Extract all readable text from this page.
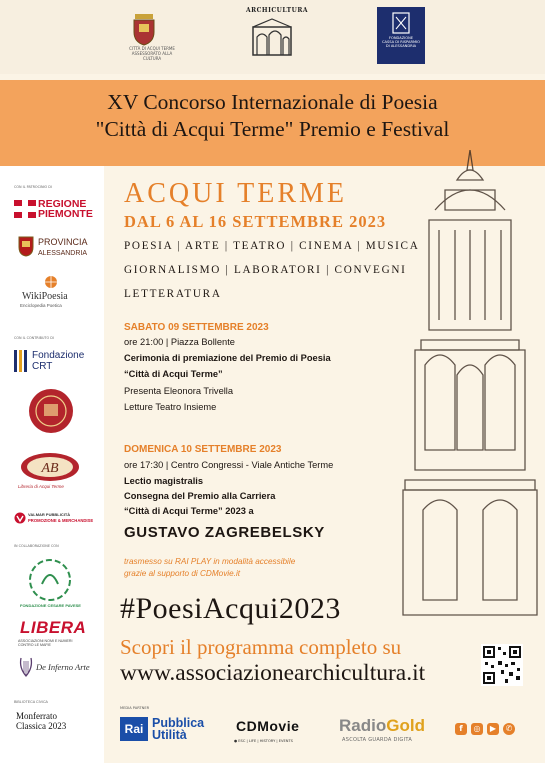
CITTÀ DI ACQUI TERME
ASSESSORATO ALLA CULTURA
ARCHICULTURA
FONDAZIONE
CASSA DI RISPARMIO
DI ALESSANDRIA
XV Concorso Internazionale di Poesia
"Città di Acqui Terme" Premio e Festival
CON IL PATROCINIO DI
REGIONE
PIEMONTE
PROVINCIA
ALESSANDRIA
WikiPoesia
Enciclopedia Poetica
CON IL CONTRIBUTO DI
Fondazione
CRT
AB
Libreria di Acqui Terme
VALMAR PUBBLICITÀ
PROMOZIONE & MERCHANDISE
IN COLLABORAZIONE CON
FONDAZIONE CESARE PAVESE
LIBERA
ASSOCIAZIONI NOMI E NUMERI CONTRO LE MAFIE
De Inferno Arte
BIBLIOTECA CIVICA
Monferrato
Classica 2023
ACQUI TERME
DAL 6 AL 16 SETTEMBRE 2023
POESIA | ARTE | TEATRO | CINEMA | MUSICA
GIORNALISMO | LABORATORI | CONVEGNI
LETTERATURA
SABATO 09 SETTEMBRE 2023
ore 21:00 | Piazza Bollente
Cerimonia di premiazione del Premio di Poesia
“Città di Acqui Terme”
Presenta Eleonora Trivella
Letture Teatro Insieme
DOMENICA 10 SETTEMBRE 2023
ore 17:30 | Centro Congressi - Viale Antiche Terme
Lectio magistralis
Consegna del Premio alla Carriera
“Città di Acqui Terme” 2023 a
GUSTAVO ZAGREBELSKY
trasmesso su RAI PLAY in modalità accessibile
grazie al supporto di CDMovie.it
#PoesiAcqui2023
Scopri il programma completo su
www.associazionearchicultura.it
MEDIA PARTNER
Rai Pubblica
Utilità
CDMovie
● ESC | LIFE | HISTORY | EVENTS
RadioGold
ASCOLTA GUARDA DIGITA
f	◎	▶	✆
